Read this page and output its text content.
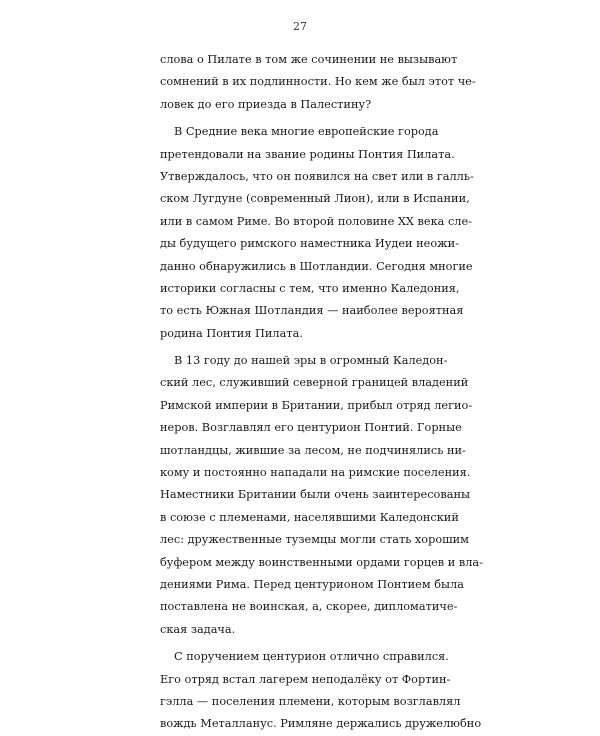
27
слова о Пилате в том же сочинении не вызывают
сомнений в их подлинности. Но кем же был этот че-
ловек до его приезда в Палестину?
В Средние века многие европейские города
претендовали на звание родины Понтия Пилата.
Утверждалось, что он появился на свет или в галль-
ском Лугдуне (современный Лион), или в Испании,
или в самом Риме. Во второй половине XX века сле-
ды будущего римского наместника Иудеи неожи-
данно обнаружились в Шотландии. Сегодня многие
историки согласны с тем, что именно Каледония,
то есть Южная Шотландия — наиболее вероятная
родина Понтия Пилата.
В 13 году до нашей эры в огромный Каледон-
ский лес, служивший северной границей владений
Римской империи в Британии, прибыл отряд легио-
неров. Возглавлял его центурион Понтий. Горные
шотландцы, жившие за лесом, не подчинялись ни-
кому и постоянно нападали на римские поселения.
Наместники Британии были очень заинтересованы
в союзе с племенами, населявшими Каледонский
лес: дружественные туземцы могли стать хорошим
буфером между воинственными ордами горцев и вла-
дениями Рима. Перед центурионом Понтием была
поставлена не воинская, а, скорее, дипломатиче-
ская задача.
С поручением центурион отлично справился.
Его отряд встал лагерем неподалёку от Фортин-
гэлла — поселения племени, которым возглавлял
вождь Металланус. Римляне держались дружелюбно
